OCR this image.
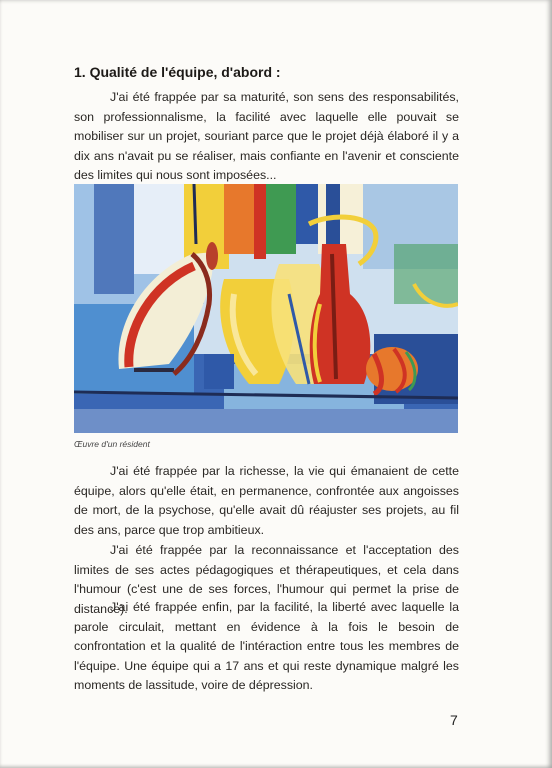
1. Qualité de l'équipe, d'abord :
J'ai été frappée par sa maturité, son sens des responsabilités, son professionnalisme, la facilité avec laquelle elle pouvait se mobiliser sur un projet, souriant parce que le projet déjà élaboré il y a dix ans n'avait pu se réaliser, mais confiante en l'avenir et consciente des limites qui nous sont imposées...
Œuvre d'un résident
J'ai été frappée par la richesse, la vie qui émanaient de cette équipe, alors qu'elle était, en permanence, confrontée aux angoisses de mort, de la psychose, qu'elle avait dû réajuster ses projets, au fil des ans, parce que trop ambitieux.
J'ai été frappée par la reconnaissance et l'acceptation des limites de ses actes pédagogiques et thérapeutiques, et cela dans l'humour (c'est une de ses forces, l'humour qui permet la prise de distance).
J'ai été frappée enfin, par la facilité, la liberté avec laquelle la parole circulait, mettant en évidence à la fois le besoin de confrontation et la qualité de l'intéraction entre tous les membres de l'équipe. Une équipe qui a 17 ans et qui reste dynamique malgré les moments de lassitude, voire de dépression.
7
